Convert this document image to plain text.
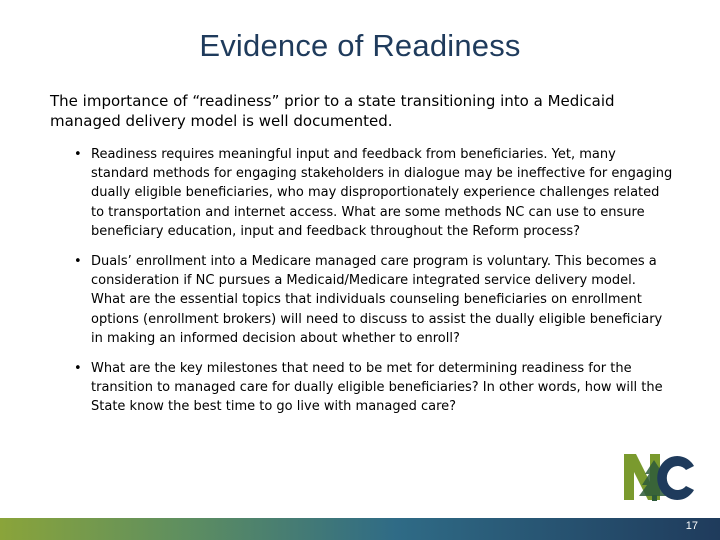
Evidence of Readiness
The importance of “readiness” prior to a state transitioning into a Medicaid managed delivery model is well documented.
• Readiness requires meaningful input and feedback from beneficiaries. Yet, many standard methods for engaging stakeholders in dialogue may be ineffective for engaging dually eligible beneficiaries, who may disproportionately experience challenges related to transportation and internet access. What are some methods NC can use to ensure beneficiary education, input and feedback throughout the Reform process?
• Duals’ enrollment into a Medicare managed care program is voluntary. This becomes a consideration if NC pursues a Medicaid/Medicare integrated service delivery model. What are the essential topics that individuals counseling beneficiaries on enrollment options (enrollment brokers) will need to discuss to assist the dually eligible beneficiary in making an informed decision about whether to enroll?
• What are the key milestones that need to be met for determining readiness for the transition to managed care for dually eligible beneficiaries? In other words, how will the State know the best time to go live with managed care?
NC
17
